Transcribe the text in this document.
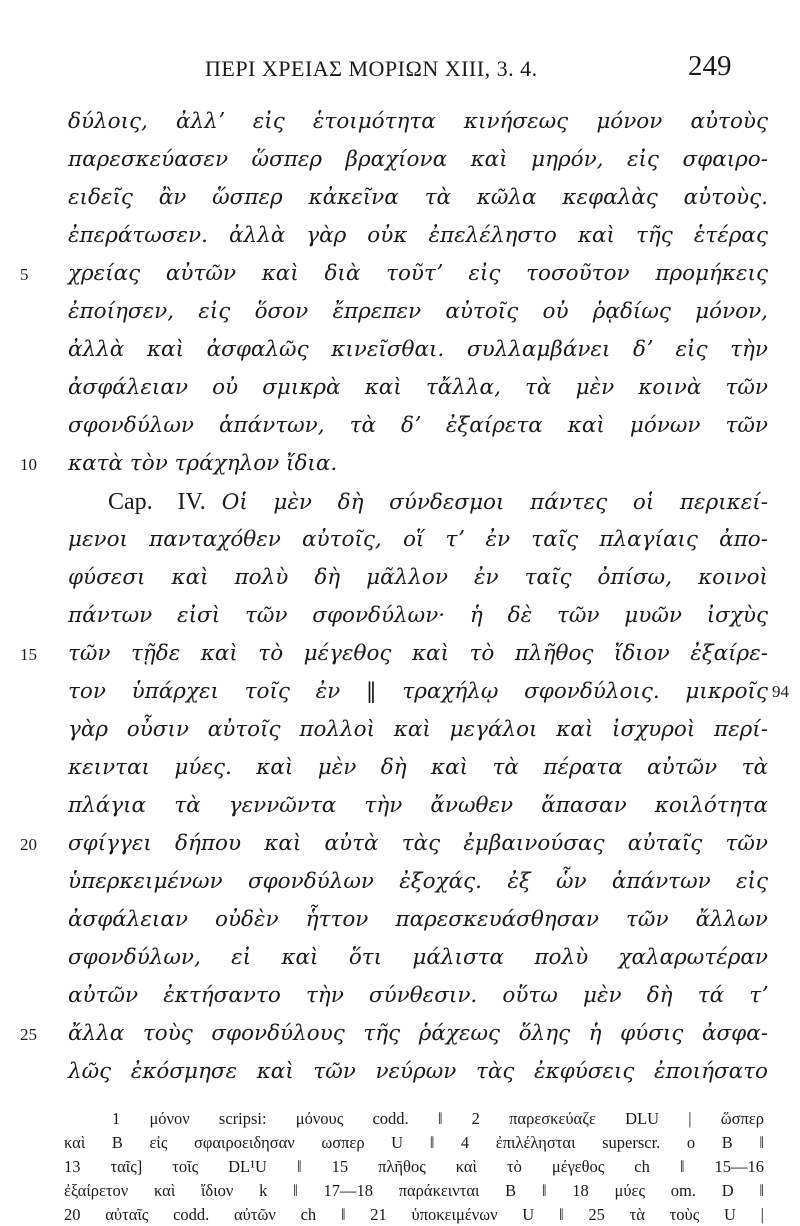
ΠΕΡΙ ΧΡΕΙΑΣ ΜΟΡΙΩΝ XIII, 3. 4.	249
δύλοις, ἀλλʼ εἰς ἑτοιμότητα κινήσεως μόνον αὐτοὺς
παρεσκεύασεν ὥσπερ βραχίονα καὶ μηρόν, εἰς σφαιρο-
ειδεῖς ἂν ὥσπερ κἀκεῖνα τὰ κῶλα κεφαλὰς αὐτοὺς.
ἐπεράτωσεν. ἀλλὰ γὰρ οὐκ ἐπελέληστο καὶ τῆς ἑτέρας
χρείας αὐτῶν καὶ διὰ τοῦτʼ εἰς τοσοῦτον προμήκεις
ἐποίησεν, εἰς ὅσον ἔπρεπεν αὐτοῖς οὐ ῥᾳδίως μόνον,
ἀλλὰ καὶ ἀσφαλῶς κινεῖσθαι. συλλαμβάνει δʼ εἰς τὴν
ἀσφάλειαν οὐ σμικρὰ καὶ τἄλλα, τὰ μὲν κοινὰ τῶν
σφονδύλων ἁπάντων, τὰ δʼ ἐξαίρετα καὶ μόνων τῶν
κατὰ τὸν τράχηλον ἴδια.
Cap. IV. Οἱ μὲν δὴ σύνδεσμοι πάντες οἱ περικεί-
μενοι πανταχόθεν αὐτοῖς, οἵ τʼ ἐν ταῖς πλαγίαις ἀπο-
φύσεσι καὶ πολὺ δὴ μᾶλλον ἐν ταῖς ὀπίσω, κοινοὶ
πάντων εἰσὶ τῶν σφονδύλων· ἡ δὲ τῶν μυῶν ἰσχὺς
τῶν τῇδε καὶ τὸ μέγεθος καὶ τὸ πλῆθος ἴδιον ἐξαίρε-
τον ὑπάρχει τοῖς ἐν ‖ τραχήλῳ σφονδύλοις. μικροῖς
γὰρ οὖσιν αὐτοῖς πολλοὶ καὶ μεγάλοι καὶ ἰσχυροὶ περί-
κεινται μύες. καὶ μὲν δὴ καὶ τὰ πέρατα αὐτῶν τὰ
πλάγια τὰ γεννῶντα τὴν ἄνωθεν ἅπασαν κοιλότητα
σφίγγει δήπου καὶ αὐτὰ τὰς ἐμβαινούσας αὐταῖς τῶν
ὑπερκειμένων σφονδύλων ἐξοχάς. ἐξ ὧν ἁπάντων εἰς
ἀσφάλειαν οὐδὲν ἧττον παρεσκευάσθησαν τῶν ἄλλων
σφονδύλων, εἰ καὶ ὅτι μάλιστα πολὺ χαλαρωτέραν
αὐτῶν ἐκτήσαντο τὴν σύνθεσιν. οὕτω μὲν δὴ τά τʼ
ἄλλα τοὺς σφονδύλους τῆς ῥάχεως ὅλης ἡ φύσις ἀσφα-
λῶς ἐκόσμησε καὶ τῶν νεύρων τὰς ἐκφύσεις ἐποιήσατο
5
10
15
20
25
94
1 μόνον scripsi: μόνους codd. ‖ 2 παρεσκεύαζε DLU | ὥσπερ
καὶ B εἰς σφαιροειδησαν ωσπερ U ‖ 4 ἐπιλέλησται superscr. ο B ‖
13 ταῖς] τοῖς DL¹U ‖ 15 πλῆθος καὶ τὸ μέγεθος ch ‖ 15—16
ἐξαίρετον καὶ ἴδιον k ‖ 17—18 παράκεινται B ‖ 18 μύες om. D ‖
20 αὐταῖς codd. αὐτῶν ch ‖ 21 ὑποκειμένων U ‖ 25 τὰ τοὺς U |
